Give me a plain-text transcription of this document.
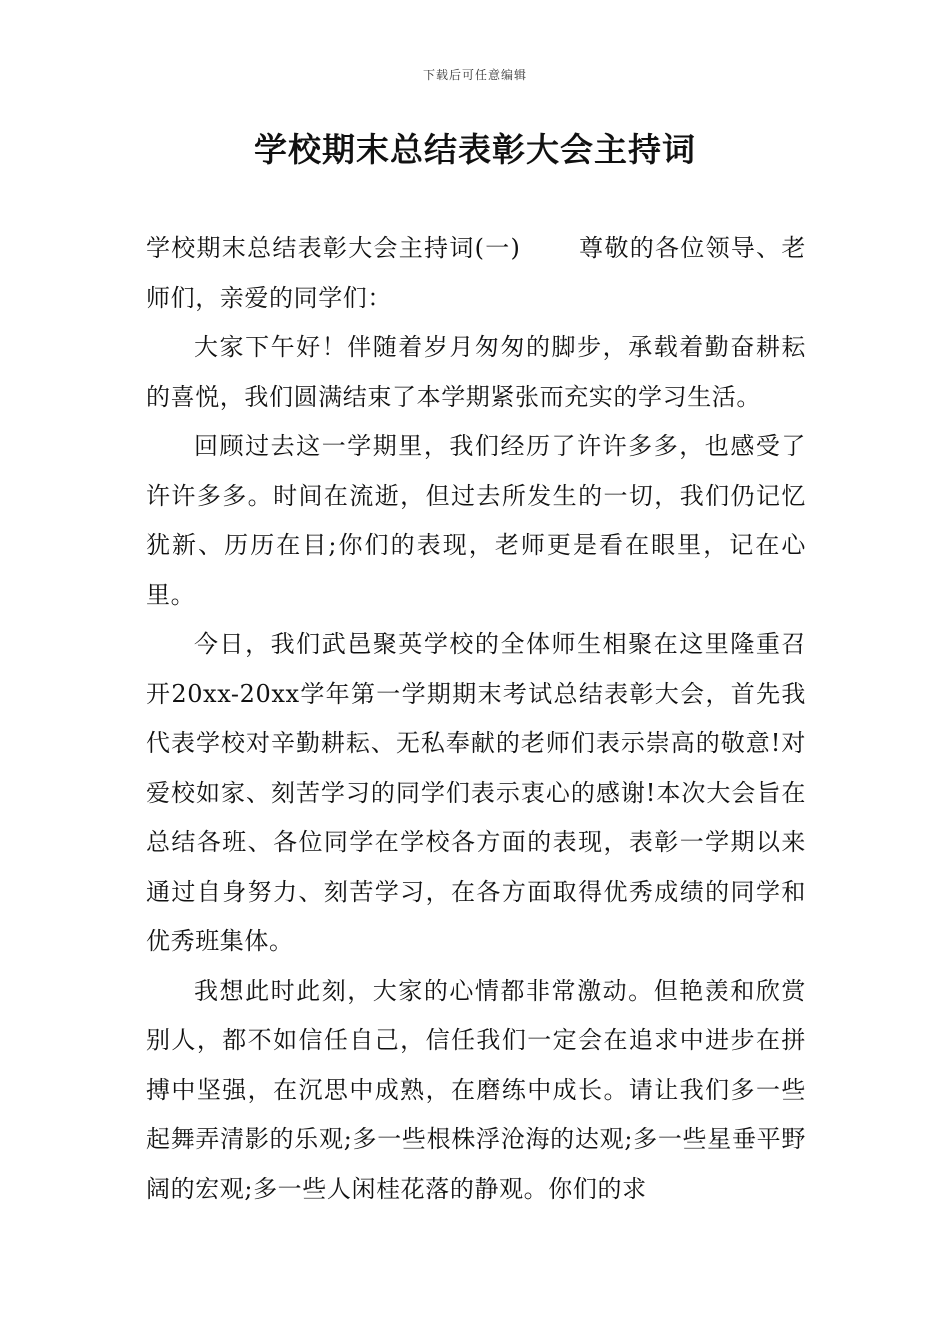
下载后可任意编辑
学校期末总结表彰大会主持词

学校期末总结表彰大会主持词(一) 尊敬的各位领导、老师们，亲爱的同学们：

大家下午好！伴随着岁月匆匆的脚步，承载着勤奋耕耘的喜悦，我们圆满结束了本学期紧张而充实的学习生活。

回顾过去这一学期里，我们经历了许许多多，也感受了许许多多。时间在流逝，但过去所发生的一切，我们仍记忆犹新、历历在目;你们的表现，老师更是看在眼里，记在心里。

今日，我们武邑聚英学校的全体师生相聚在这里隆重召开20xx-20xx学年第一学期期末考试总结表彰大会，首先我代表学校对辛勤耕耘、无私奉献的老师们表示崇高的敬意!对爱校如家、刻苦学习的同学们表示衷心的感谢!本次大会旨在总结各班、各位同学在学校各方面的表现，表彰一学期以来通过自身努力、刻苦学习，在各方面取得优秀成绩的同学和优秀班集体。

我想此时此刻，大家的心情都非常激动。但艳羡和欣赏别人，都不如信任自己，信任我们一定会在追求中进步在拼搏中坚强，在沉思中成熟，在磨练中成长。请让我们多一些起舞弄清影的乐观;多一些根株浮沧海的达观;多一些星垂平野阔的宏观;多一些人闲桂花落的静观。你们的求
